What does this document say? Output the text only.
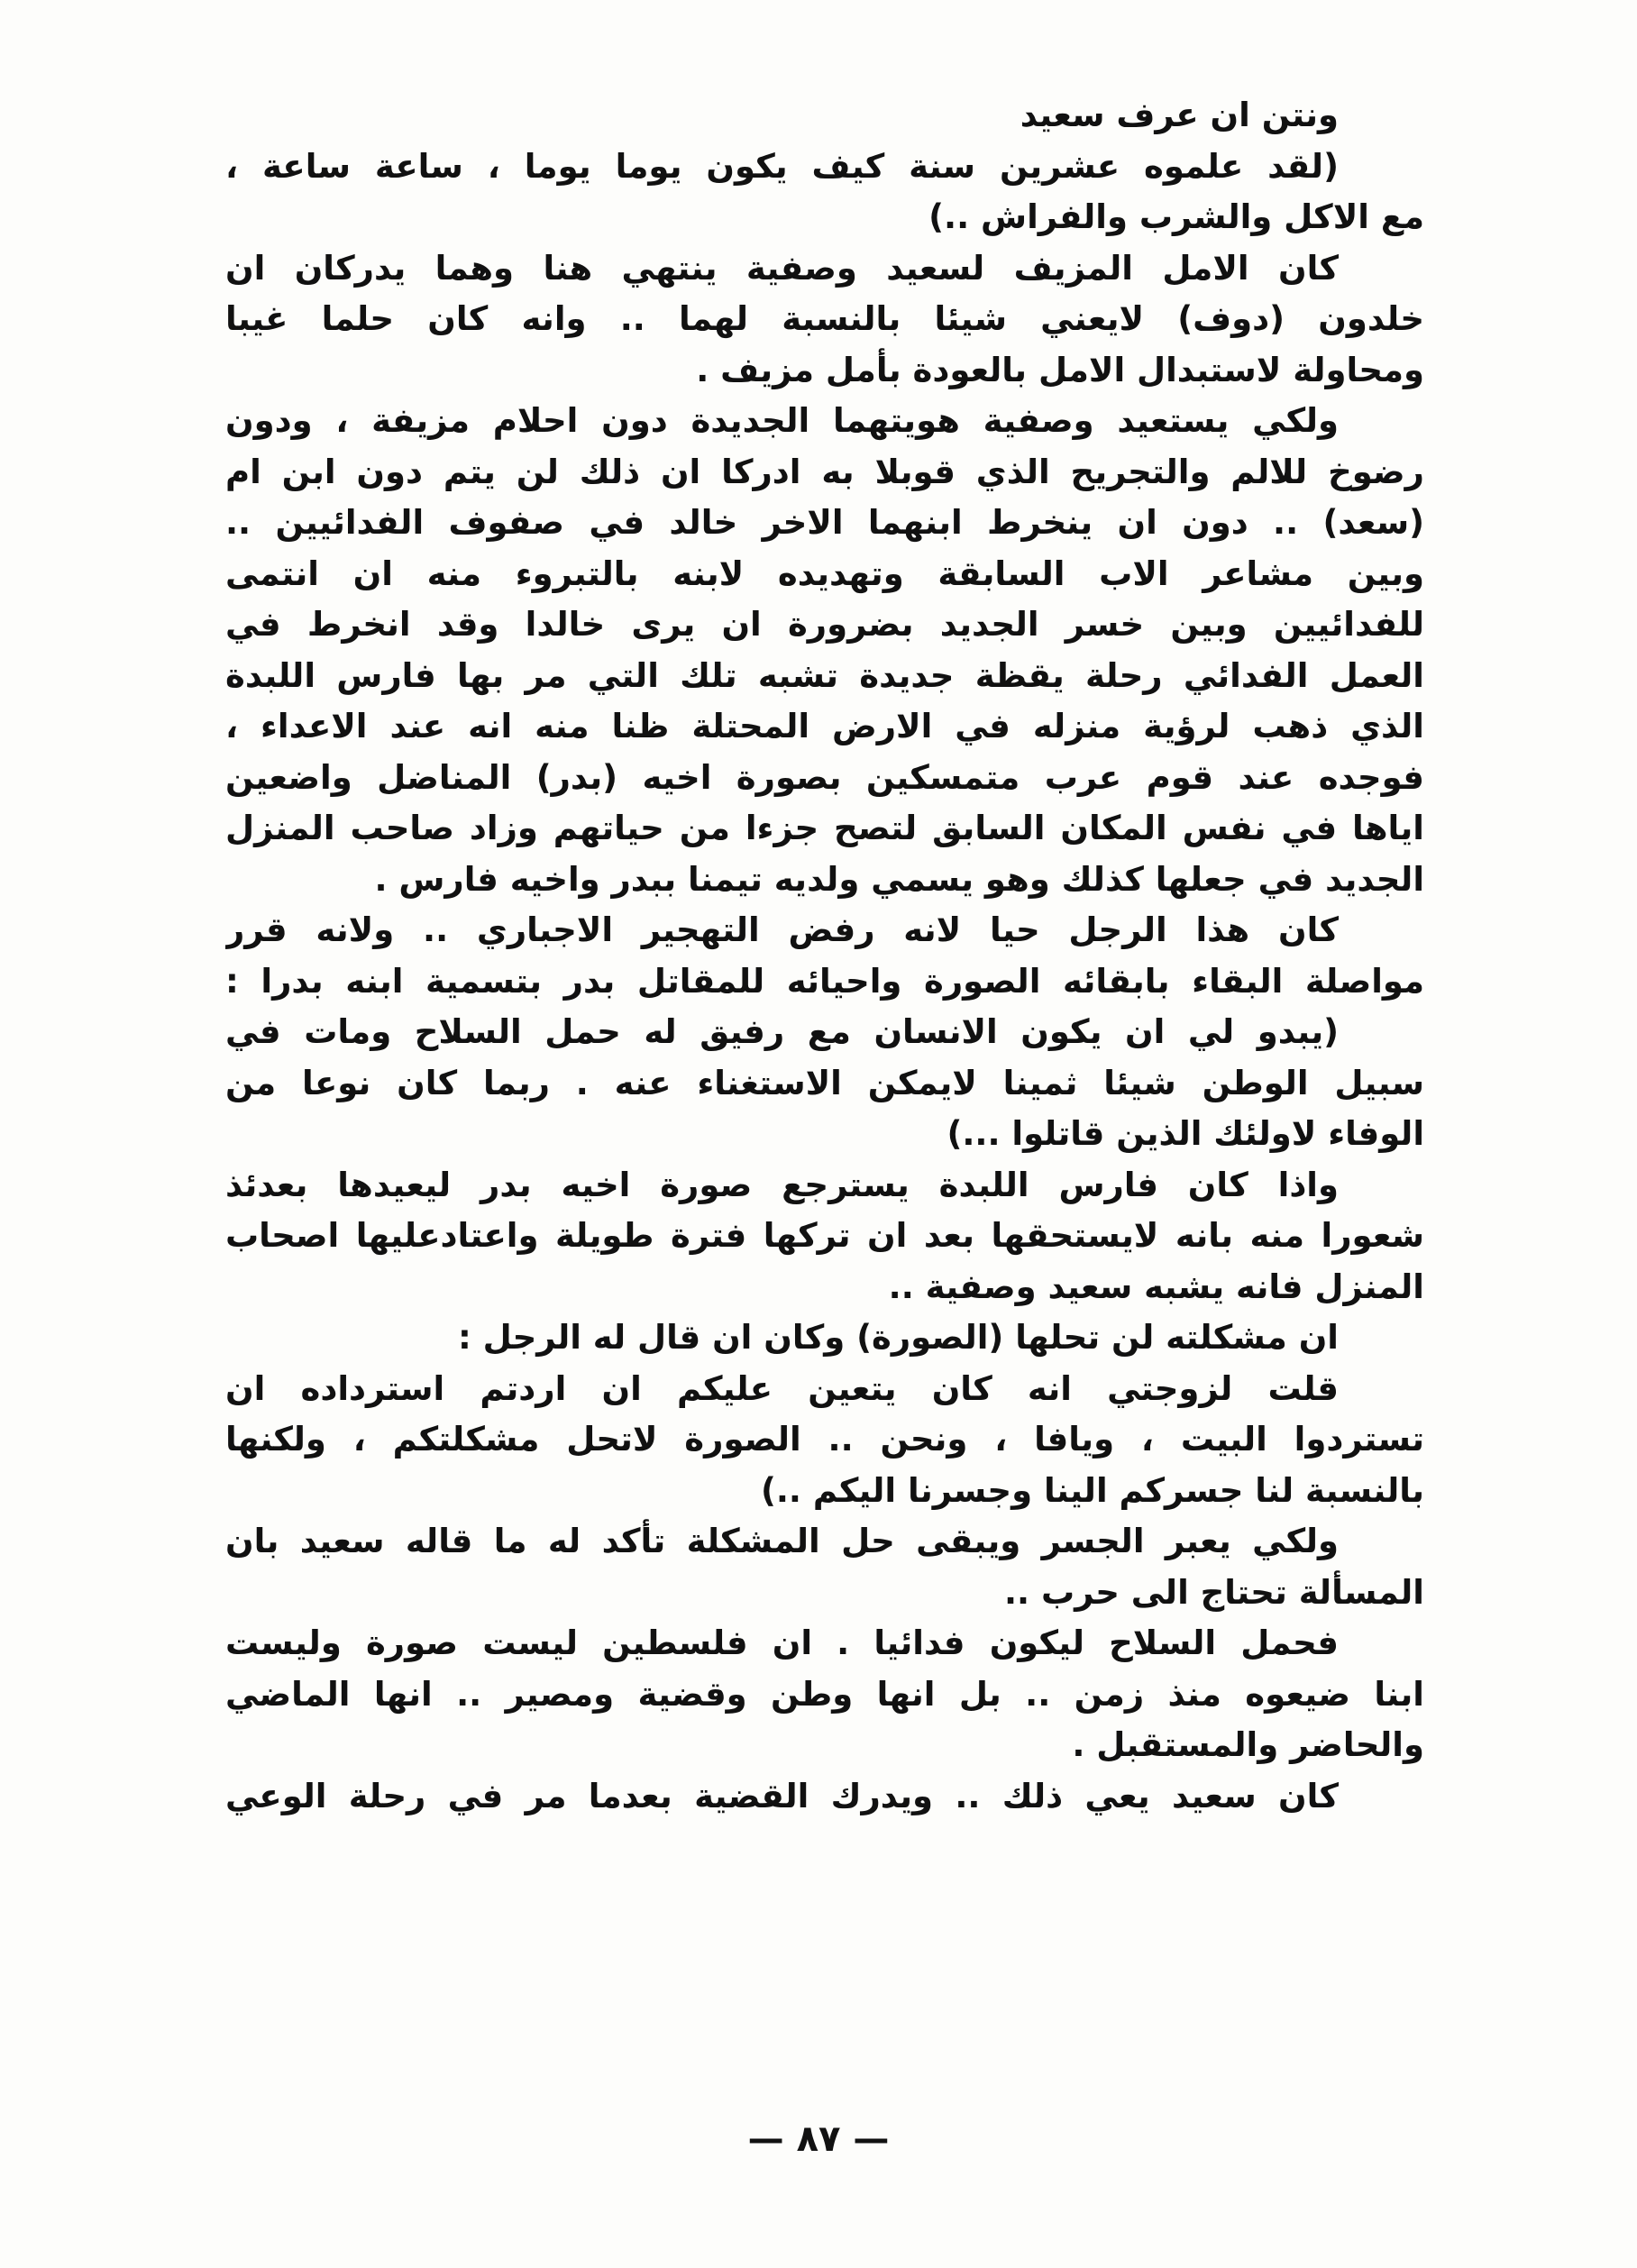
ونتن ان عرف سعيد
(لقد علموه عشرين سنة كيف يكون يوما يوما ، ساعة ساعة ،
مع الاكل والشرب والفراش ..)
كان الامل المزيف لسعيد وصفية ينتهي هنا وهما يدركان ان
خلدون (دوف) لايعني شيئا بالنسبة لهما .. وانه كان حلما غيبا
ومحاولة لاستبدال الامل بالعودة بأمل مزيف .
ولكي يستعيد وصفية هويتهما الجديدة دون احلام مزيفة ، ودون
رضوخ للالم والتجريح الذي قوبلا به ادركا ان ذلك لن يتم دون ابن ام
(سعد) .. دون ان ينخرط ابنهما الاخر خالد في صفوف الفدائيين ..
وبين مشاعر الاب السابقة وتهديده لابنه بالتبروء منه ان انتمى
للفدائيين وبين خسر الجديد بضرورة ان يرى خالدا وقد انخرط في
العمل الفدائي رحلة يقظة جديدة تشبه تلك التي مر بها فارس اللبدة
الذي ذهب لرؤية منزله في الارض المحتلة ظنا منه انه عند الاعداء ،
فوجده عند قوم عرب متمسكين بصورة اخيه (بدر) المناضل واضعين
اياها في نفس المكان السابق لتصح جزءا من حياتهم وزاد صاحب المنزل
الجديد في جعلها كذلك وهو يسمي ولديه تيمنا ببدر واخيه فارس .
كان هذا الرجل حيا لانه رفض التهجير الاجباري .. ولانه قرر
مواصلة البقاء بابقائه الصورة واحيائه للمقاتل بدر بتسمية ابنه بدرا :
(يبدو لي ان يكون الانسان مع رفيق له حمل السلاح ومات في
سبيل الوطن شيئا ثمينا لايمكن الاستغناء عنه . ربما كان نوعا من
الوفاء لاولئك الذين قاتلوا ...)
واذا كان فارس اللبدة يسترجع صورة اخيه بدر ليعيدها بعدئذ
شعورا منه بانه لايستحقها بعد ان تركها فترة طويلة واعتادعليها اصحاب
المنزل فانه يشبه سعيد وصفية ..
ان مشكلته لن تحلها (الصورة) وكان ان قال له الرجل :
قلت لزوجتي انه كان يتعين عليكم ان اردتم استرداده ان
تستردوا البيت ، ويافا ، ونحن .. الصورة لاتحل مشكلتكم ، ولكنها
بالنسبة لنا جسركم الينا وجسرنا اليكم ..)
ولكي يعبر الجسر ويبقى حل المشكلة تأكد له ما قاله سعيد بان
المسألة تحتاج الى حرب ..
فحمل السلاح ليكون فدائيا . ان فلسطين ليست صورة وليست
ابنا ضيعوه منذ زمن .. بل انها وطن وقضية ومصير .. انها الماضي
والحاضر والمستقبل .
كان سعيد يعي ذلك .. ويدرك القضية بعدما مر في رحلة الوعي
— ٨٧ —
